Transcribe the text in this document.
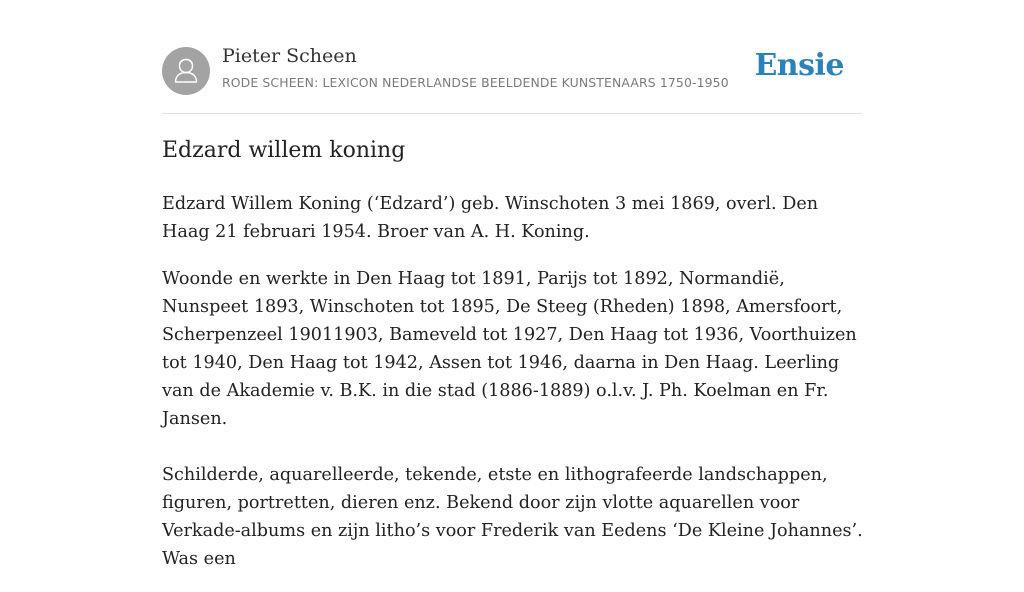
Pieter Scheen
RODE SCHEEN: LEXICON NEDERLANDSE BEELDENDE KUNSTENAARS 1750-1950 Ensie
Edzard willem koning

Edzard Willem Koning (‘Edzard’) geb. Winschoten 3 mei 1869, overl. Den Haag 21 februari 1954. Broer van A. H. Koning.

Woonde en werkte in Den Haag tot 1891, Parijs tot 1892, Normandië, Nunspeet 1893, Winschoten tot 1895, De Steeg (Rheden) 1898, Amersfoort, Scherpenzeel 19011903, Bameveld tot 1927, Den Haag tot 1936, Voorthuizen tot 1940, Den Haag tot 1942, Assen tot 1946, daarna in Den Haag. Leerling van de Akademie v. B.K. in die stad (1886-1889) o.l.v. J. Ph. Koelman en Fr. Jansen.

Schilderde, aquarelleerde, tekende, etste en lithografeerde landschappen, figuren, portretten, dieren enz. Bekend door zijn vlotte aquarellen voor Verkade-albums en zijn litho’s voor Frederik van Eedens ‘De Kleine Johannes’. Was een
